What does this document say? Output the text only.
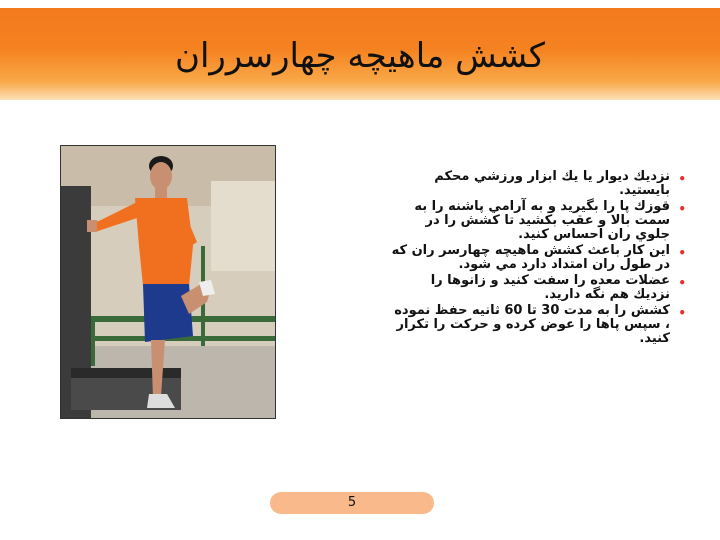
كشش ماهيچه چهارسرران
•
نزديك ديوار يا يك ابزار ورزشي محكم بايستيد.
•
قوزك پا را بگيريد و به آرامي پاشنه را به سمت بالا و عقب بكشيد تا كشش را در جلوي ران احساس كنيد.
•
اين كار باعث كشش ماهيچه چهارسر ران كه در طول ران امتداد دارد مي شود.
•
عضلات معده را سفت كنيد و زانوها را نزديك هم نگه داريد.
•
كشش را به مدت 30 تا 60 ثانيه حفظ نموده ، سپس پاها را عوض كرده و حركت را تكرار كنيد.
5
